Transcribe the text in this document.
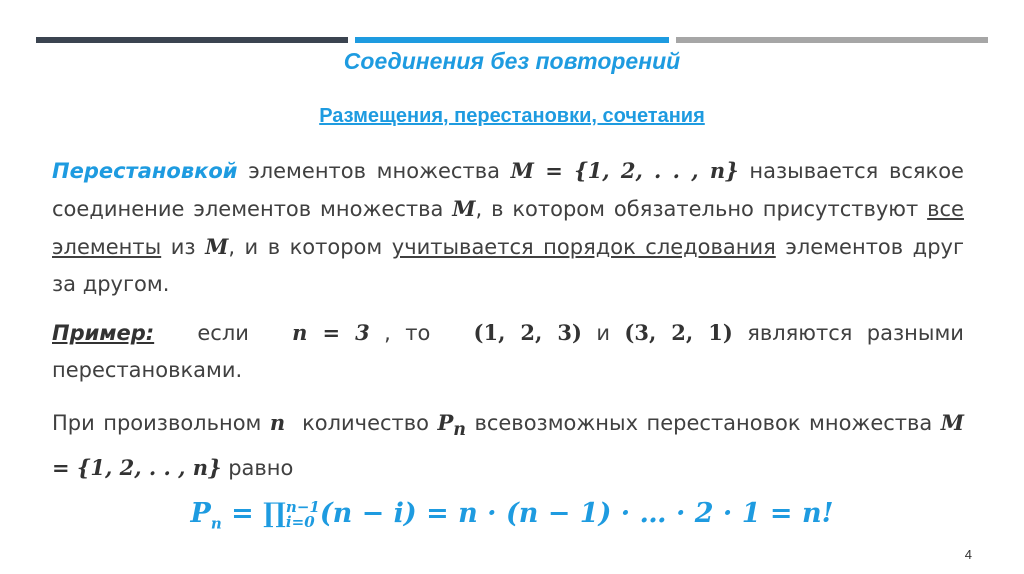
Соединения без повторений
Размещения, перестановки, сочетания
Перестановкой элементов множества M = {1, 2, . . , n} называется всякое соединение элементов множества M, в котором обязательно присутствуют все элементы из M, и в котором учитывается порядок следования элементов друг за другом.
Пример: если n = 3 , то (1, 2, 3) и (3, 2, 1) являются разными перестановками.
При произвольном n количество $P_n$ всевозможных перестановок множества M = {1, 2, . . , n} равно
$P_n$ = ∏n−1
i=0 (n − i) = n · (n − 1) · … · 2 · 1 = n!
4
